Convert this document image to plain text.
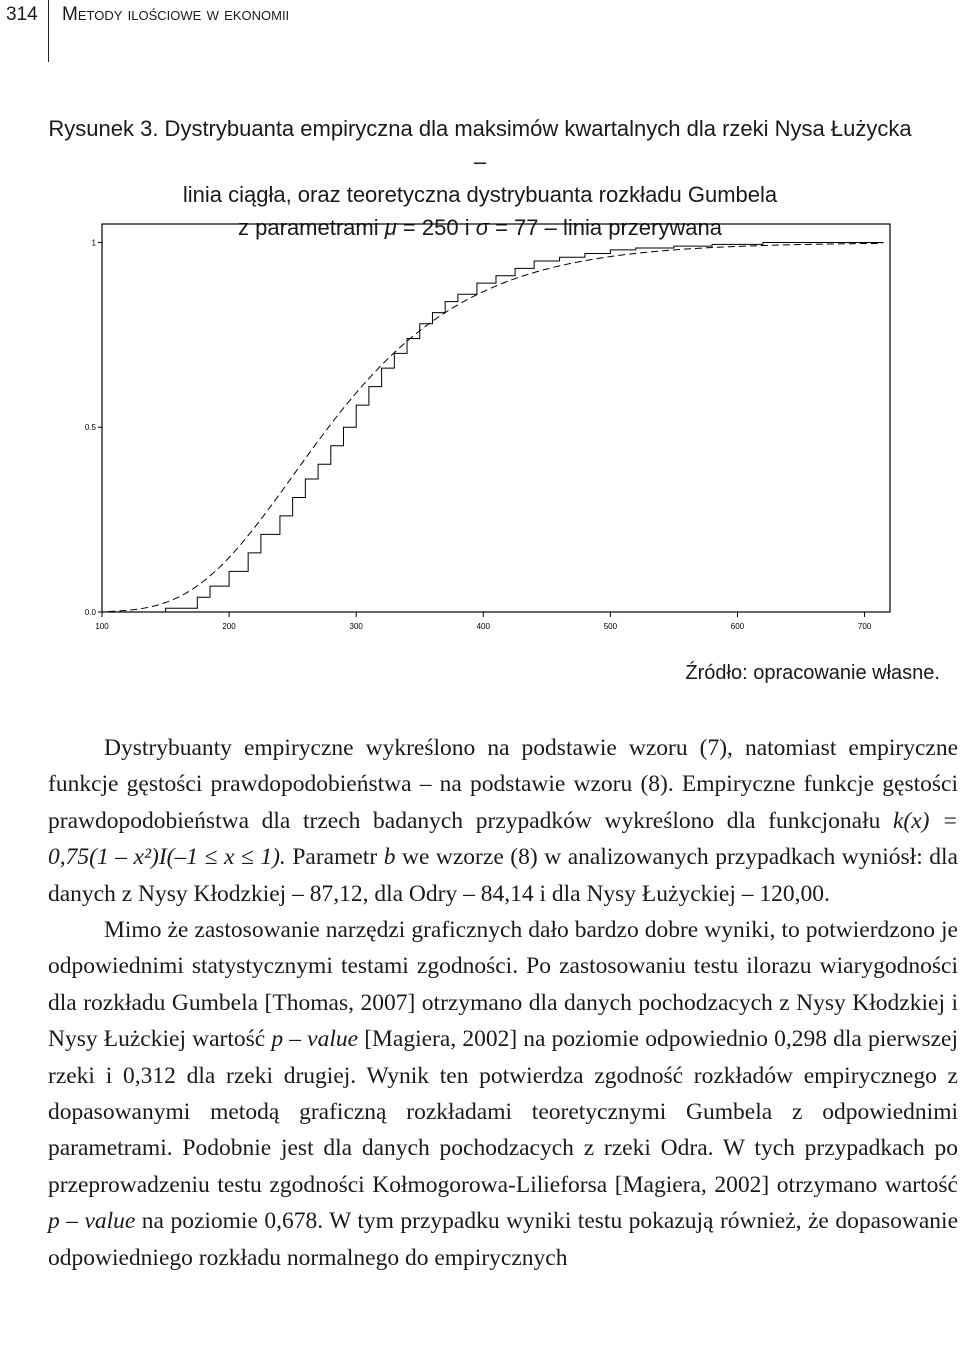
314 Metody ilościowe w ekonomii
Rysunek 3. Dystrybuanta empiryczna dla maksimów kwartalnych dla rzeki Nysa Łużycka –
linia ciągła, oraz teoretyczna dystrybuanta rozkładu Gumbela
z parametrami μ = 250 i σ = 77 – linia przerywana
100	200	300	400	500	600	700
0.0
0.5
1
Źródło: opracowanie własne.

Dystrybuanty empiryczne wykreślono na podstawie wzoru (7), natomiast empiryczne funkcje gęstości prawdopodobieństwa – na podstawie wzoru (8). Empiryczne funkcje gęstości prawdopodobieństwa dla trzech badanych przypadków wykreślono dla funkcjonału k(x) = 0,75(1 – x²)I(–1 ≤ x ≤ 1). Parametr b we wzorze (8) w analizowanych przypadkach wyniósł: dla danych z Nysy Kłodzkiej – 87,12, dla Odry – 84,14 i dla Nysy Łużyckiej – 120,00.

Mimo że zastosowanie narzędzi graficznych dało bardzo dobre wyniki, to potwierdzono je odpowiednimi statystycznymi testami zgodności. Po zastosowaniu testu ilorazu wiarygodności dla rozkładu Gumbela [Thomas, 2007] otrzymano dla danych pochodzacych z Nysy Kłodzkiej i Nysy Łużckiej wartość p – value [Magiera, 2002] na poziomie odpowiednio 0,298 dla pierwszej rzeki i 0,312 dla rzeki drugiej. Wynik ten potwierdza zgodność rozkładów empirycznego z dopasowanymi metodą graficzną rozkładami teoretycznymi Gumbela z odpowiednimi parametrami. Podobnie jest dla danych pochodzacych z rzeki Odra. W tych przypadkach po przeprowadzeniu testu zgodności Kołmogorowa-Lilieforsa [Magiera, 2002] otrzymano wartość p – value na poziomie 0,678. W tym przypadku wyniki testu pokazują również, że dopasowanie odpowiedniego rozkładu normalnego do empirycznych
